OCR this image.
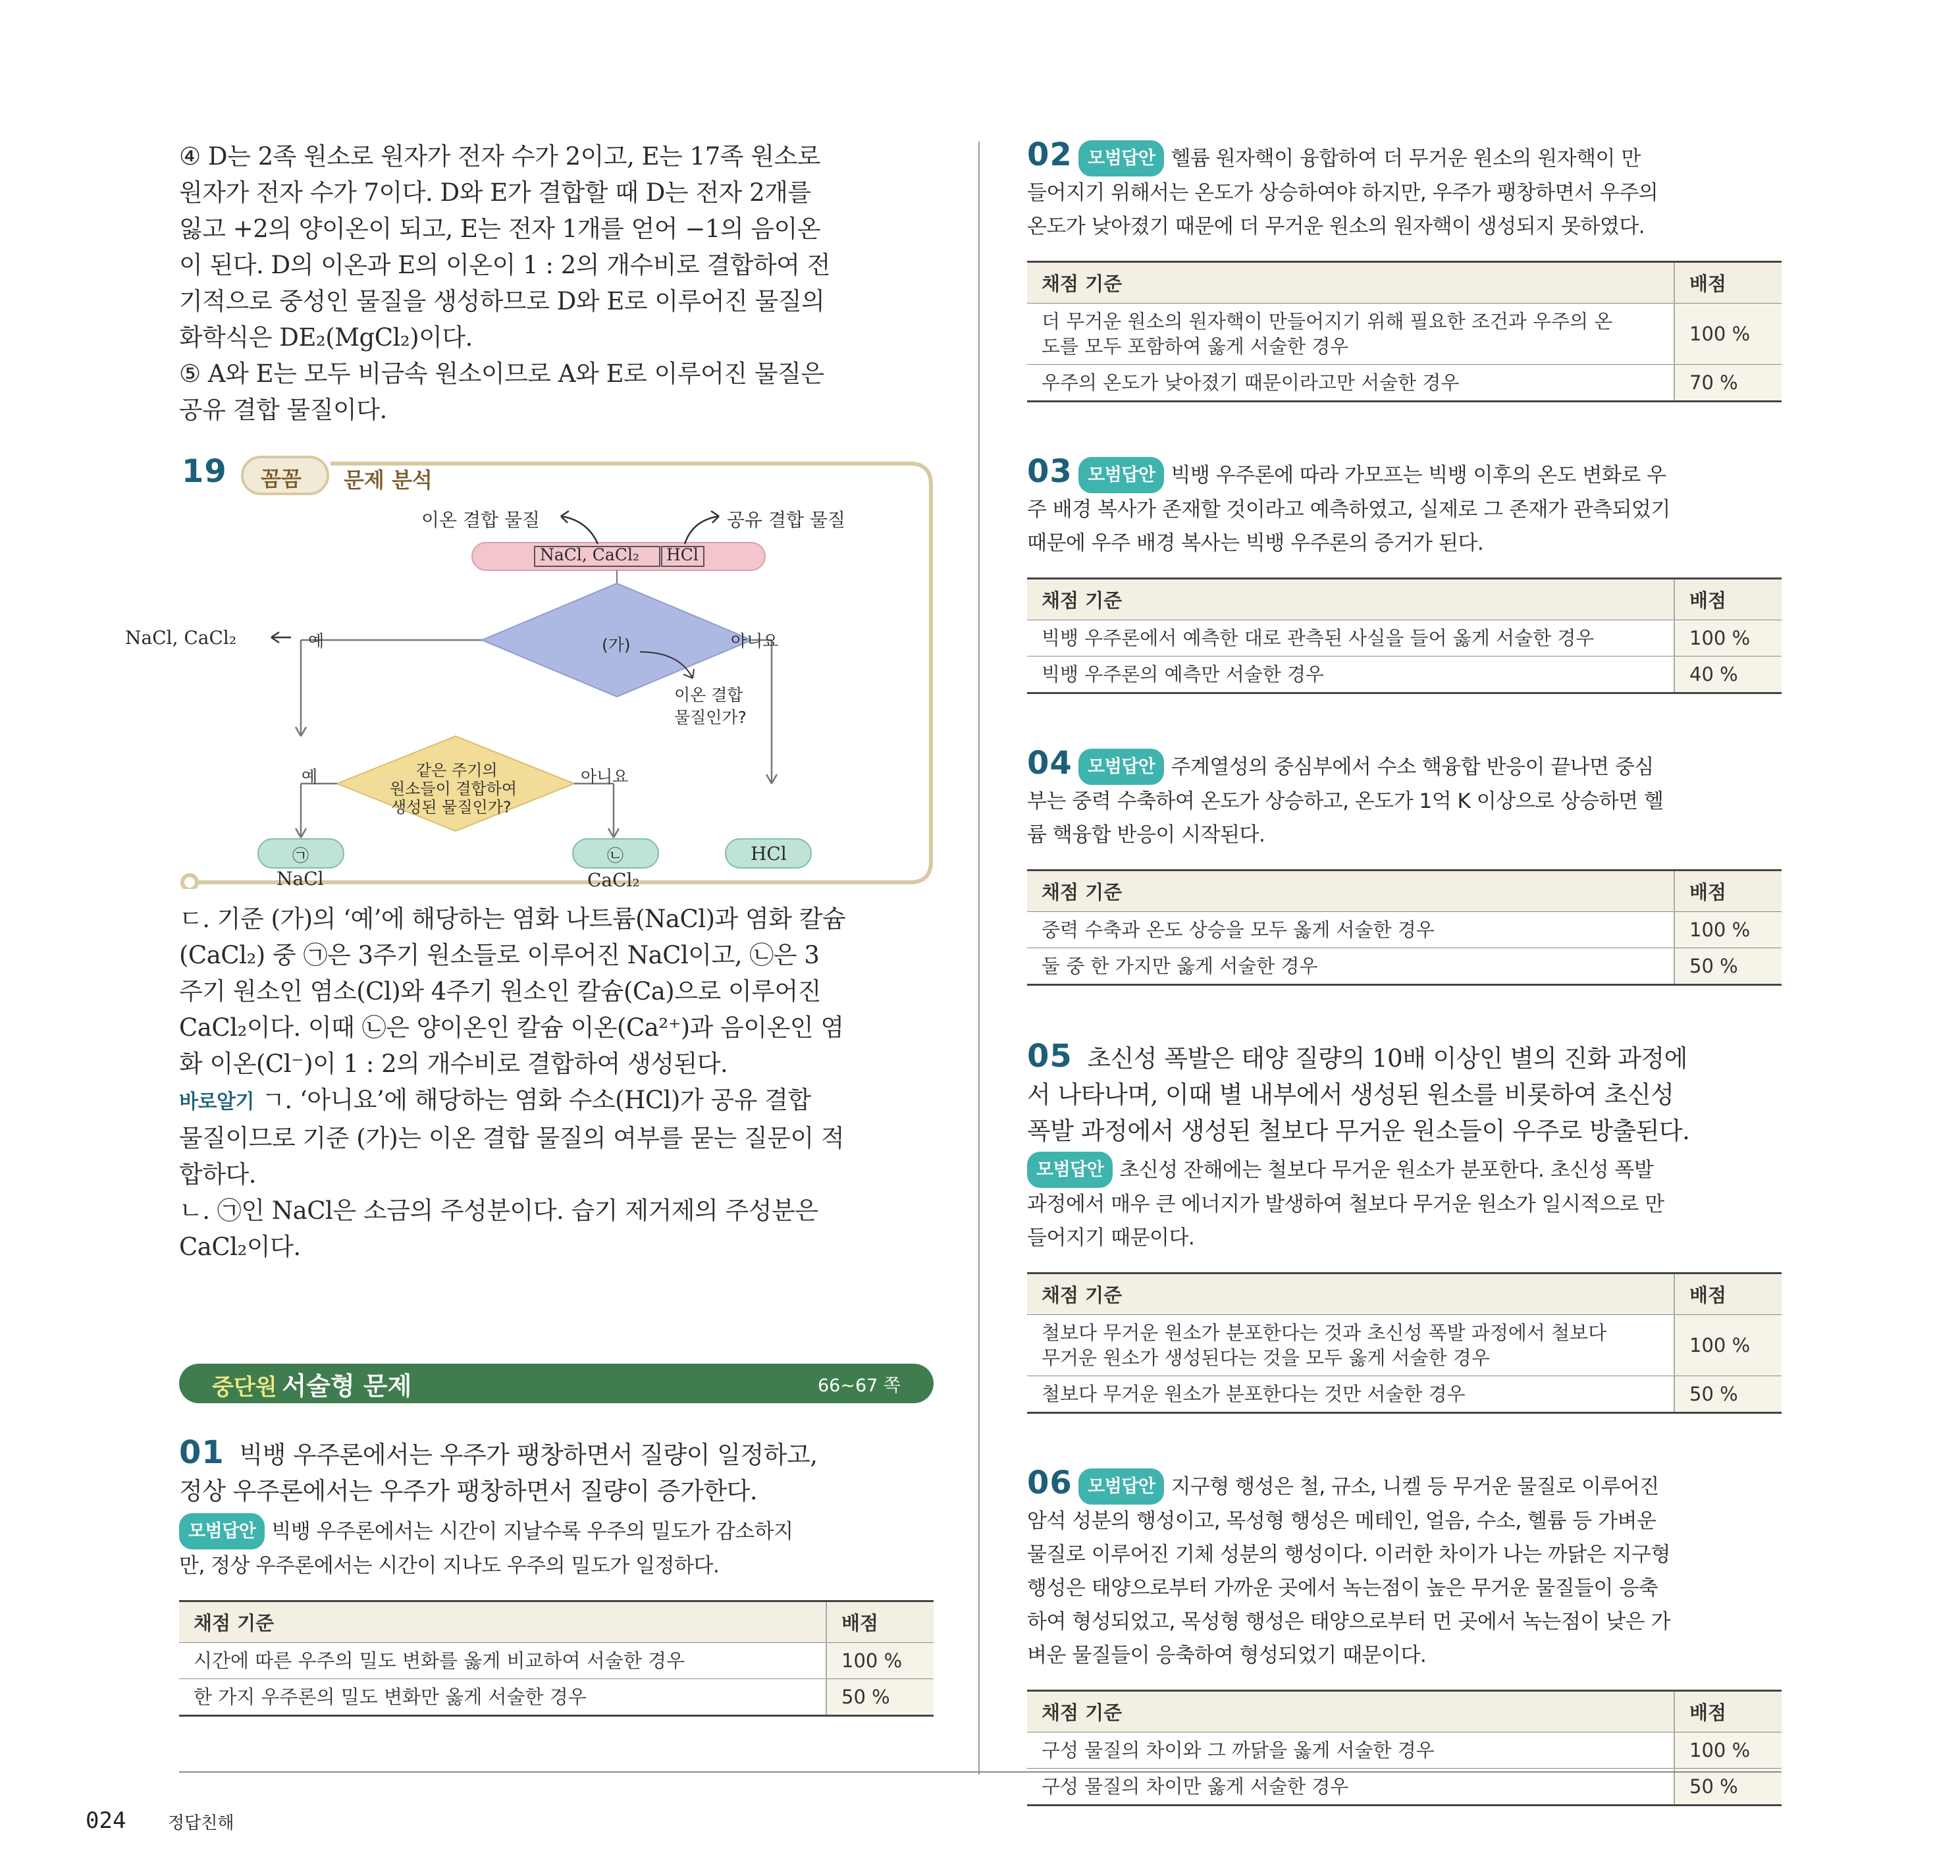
④ D는 2족 원소로 원자가 전자 수가 2이고, E는 17족 원소로

원자가 전자 수가 7이다. D와 E가 결합할 때 D는 전자 2개를

잃고 +2의 양이온이 되고, E는 전자 1개를 얻어 −1의 음이온

이 된다. D의 이온과 E의 이온이 1 : 2의 개수비로 결합하여 전

기적으로 중성인 물질을 생성하므로 D와 E로 이루어진 물질의

화학식은 DE₂(MgCl₂)이다.

⑤ A와 E는 모두 비금속 원소이므로 A와 E로 이루어진 물질은

공유 결합 물질이다.

19 꼼꼼 문제 분석
이온 결합 물질	공유 결합 물질
NaCl, CaCl₂ HCl
NaCl, CaCl₂	예	아니요
(가)
이온 결합
물질인가?
같은 주기의
원소들이 결합하여
생성된 물질인가?
예	아니요
㉠	㉡	HCl
NaCl	CaCl₂

ㄷ. 기준 (가)의 ‘예’에 해당하는 염화 나트륨(NaCl)과 염화 칼슘

(CaCl₂) 중 ㉠은 3주기 원소들로 이루어진 NaCl이고, ㉡은 3

주기 원소인 염소(Cl)와 4주기 원소인 칼슘(Ca)으로 이루어진

CaCl₂이다. 이때 ㉡은 양이온인 칼슘 이온(Ca²⁺)과 음이온인 염

화 이온(Cl⁻)이 1 : 2의 개수비로 결합하여 생성된다.

바로알기 ㄱ. ‘아니요’에 해당하는 염화 수소(HCl)가 공유 결합

물질이므로 기준 (가)는 이온 결합 물질의 여부를 묻는 질문이 적

합하다.

ㄴ. ㉠인 NaCl은 소금의 주성분이다. 습기 제거제의 주성분은

CaCl₂이다.

중단원 서술형 문제	66~67 쪽

01 빅뱅 우주론에서는 우주가 팽창하면서 질량이 일정하고,

정상 우주론에서는 우주가 팽창하면서 질량이 증가한다.

모범답안 빅뱅 우주론에서는 시간이 지날수록 우주의 밀도가 감소하지

만, 정상 우주론에서는 시간이 지나도 우주의 밀도가 일정하다.

채점 기준	배점
시간에 따른 우주의 밀도 변화를 옳게 비교하여 서술한 경우	100 %
한 가지 우주론의 밀도 변화만 옳게 서술한 경우	50 %

02 모범답안 헬륨 원자핵이 융합하여 더 무거운 원소의 원자핵이 만

들어지기 위해서는 온도가 상승하여야 하지만, 우주가 팽창하면서 우주의

온도가 낮아졌기 때문에 더 무거운 원소의 원자핵이 생성되지 못하였다.

채점 기준	배점
더 무거운 원소의 원자핵이 만들어지기 위해 필요한 조건과 우주의 온
도를 모두 포함하여 옳게 서술한 경우	100 %
우주의 온도가 낮아졌기 때문이라고만 서술한 경우	70 %

03 모범답안 빅뱅 우주론에 따라 가모프는 빅뱅 이후의 온도 변화로 우

주 배경 복사가 존재할 것이라고 예측하였고, 실제로 그 존재가 관측되었기

때문에 우주 배경 복사는 빅뱅 우주론의 증거가 된다.

채점 기준	배점
빅뱅 우주론에서 예측한 대로 관측된 사실을 들어 옳게 서술한 경우	100 %
빅뱅 우주론의 예측만 서술한 경우	40 %

04 모범답안 주계열성의 중심부에서 수소 핵융합 반응이 끝나면 중심

부는 중력 수축하여 온도가 상승하고, 온도가 1억 K 이상으로 상승하면 헬

륨 핵융합 반응이 시작된다.

채점 기준	배점
중력 수축과 온도 상승을 모두 옳게 서술한 경우	100 %
둘 중 한 가지만 옳게 서술한 경우	50 %

05 초신성 폭발은 태양 질량의 10배 이상인 별의 진화 과정에

서 나타나며, 이때 별 내부에서 생성된 원소를 비롯하여 초신성

폭발 과정에서 생성된 철보다 무거운 원소들이 우주로 방출된다.

모범답안 초신성 잔해에는 철보다 무거운 원소가 분포한다. 초신성 폭발

과정에서 매우 큰 에너지가 발생하여 철보다 무거운 원소가 일시적으로 만

들어지기 때문이다.

채점 기준	배점
철보다 무거운 원소가 분포한다는 것과 초신성 폭발 과정에서 철보다
무거운 원소가 생성된다는 것을 모두 옳게 서술한 경우	100 %
철보다 무거운 원소가 분포한다는 것만 서술한 경우	50 %

06 모범답안 지구형 행성은 철, 규소, 니켈 등 무거운 물질로 이루어진

암석 성분의 행성이고, 목성형 행성은 메테인, 얼음, 수소, 헬륨 등 가벼운

물질로 이루어진 기체 성분의 행성이다. 이러한 차이가 나는 까닭은 지구형

행성은 태양으로부터 가까운 곳에서 녹는점이 높은 무거운 물질들이 응축

하여 형성되었고, 목성형 행성은 태양으로부터 먼 곳에서 녹는점이 낮은 가

벼운 물질들이 응축하여 형성되었기 때문이다.

채점 기준	배점
구성 물질의 차이와 그 까닭을 옳게 서술한 경우	100 %
구성 물질의 차이만 옳게 서술한 경우	50 %
024 정답친해
